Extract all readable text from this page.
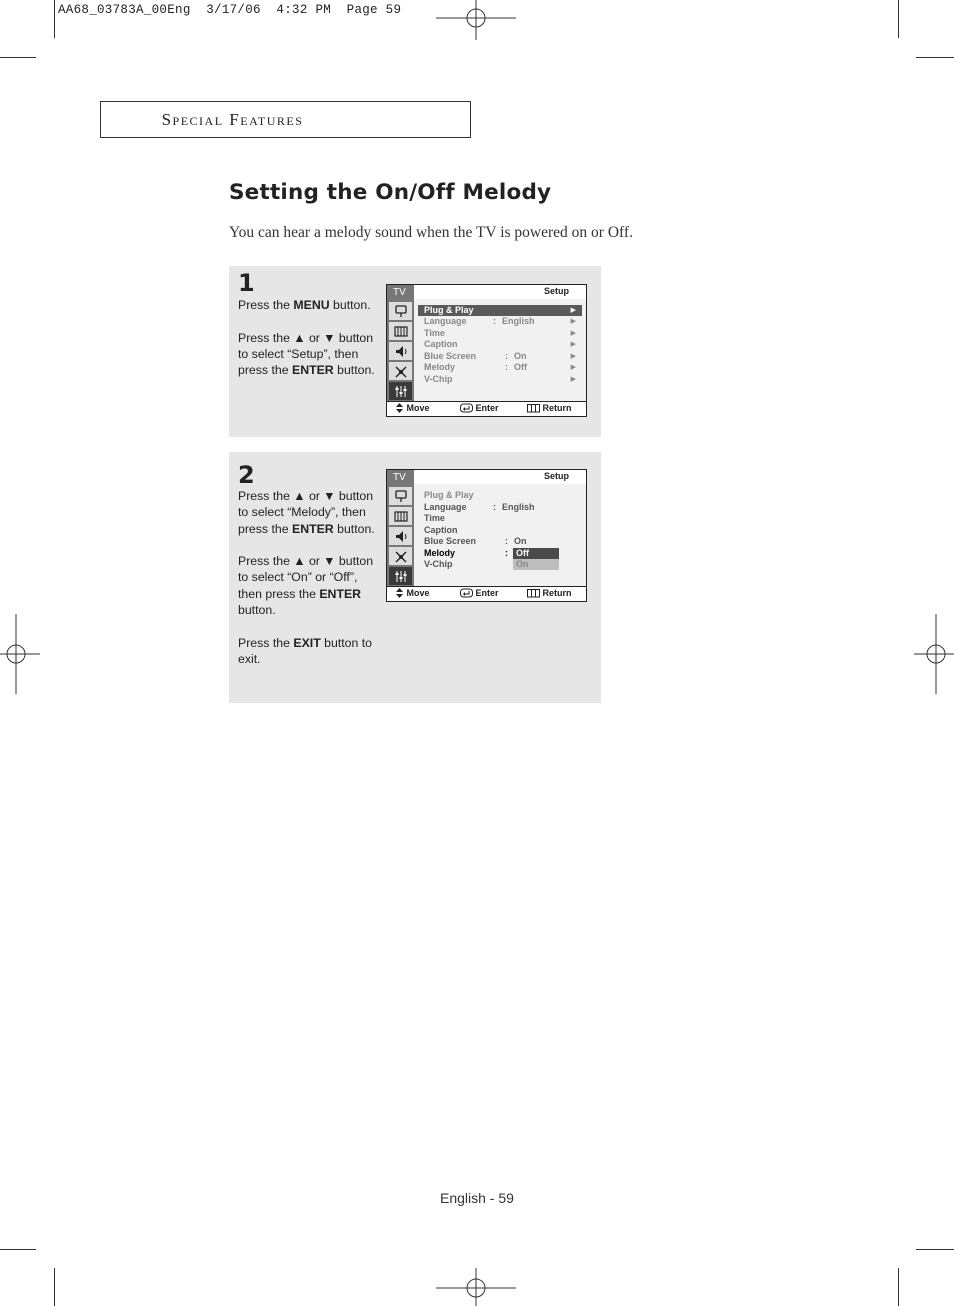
AA68_03783A_00Eng  3/17/06  4:32 PM  Page 59
Special Features
Setting the On/Off Melody
You can hear a melody sound when the TV is powered on or Off.
1

Press the MENU button.

Press the ▲ or ▼ button to select “Setup”, then press the ENTER button.

TV	Setup
Plug & Play	▶
Language	: English	▶
Time	▶
Caption	▶
Blue Screen	: On	▶
Melody	: Off	▶
V-Chip	▶
Move	Enter	Return
2

Press the ▲ or ▼ button to select “Melody”, then press the ENTER button.

Press the ▲ or ▼ button to select “On” or “Off”, then press the ENTER button.

Press the EXIT button to exit.

TV	Setup
Plug & Play
Language	: English
Time
Caption
Blue Screen	: On
Melody	: Off
V-Chip	On
Move	Enter	Return
English - 59
